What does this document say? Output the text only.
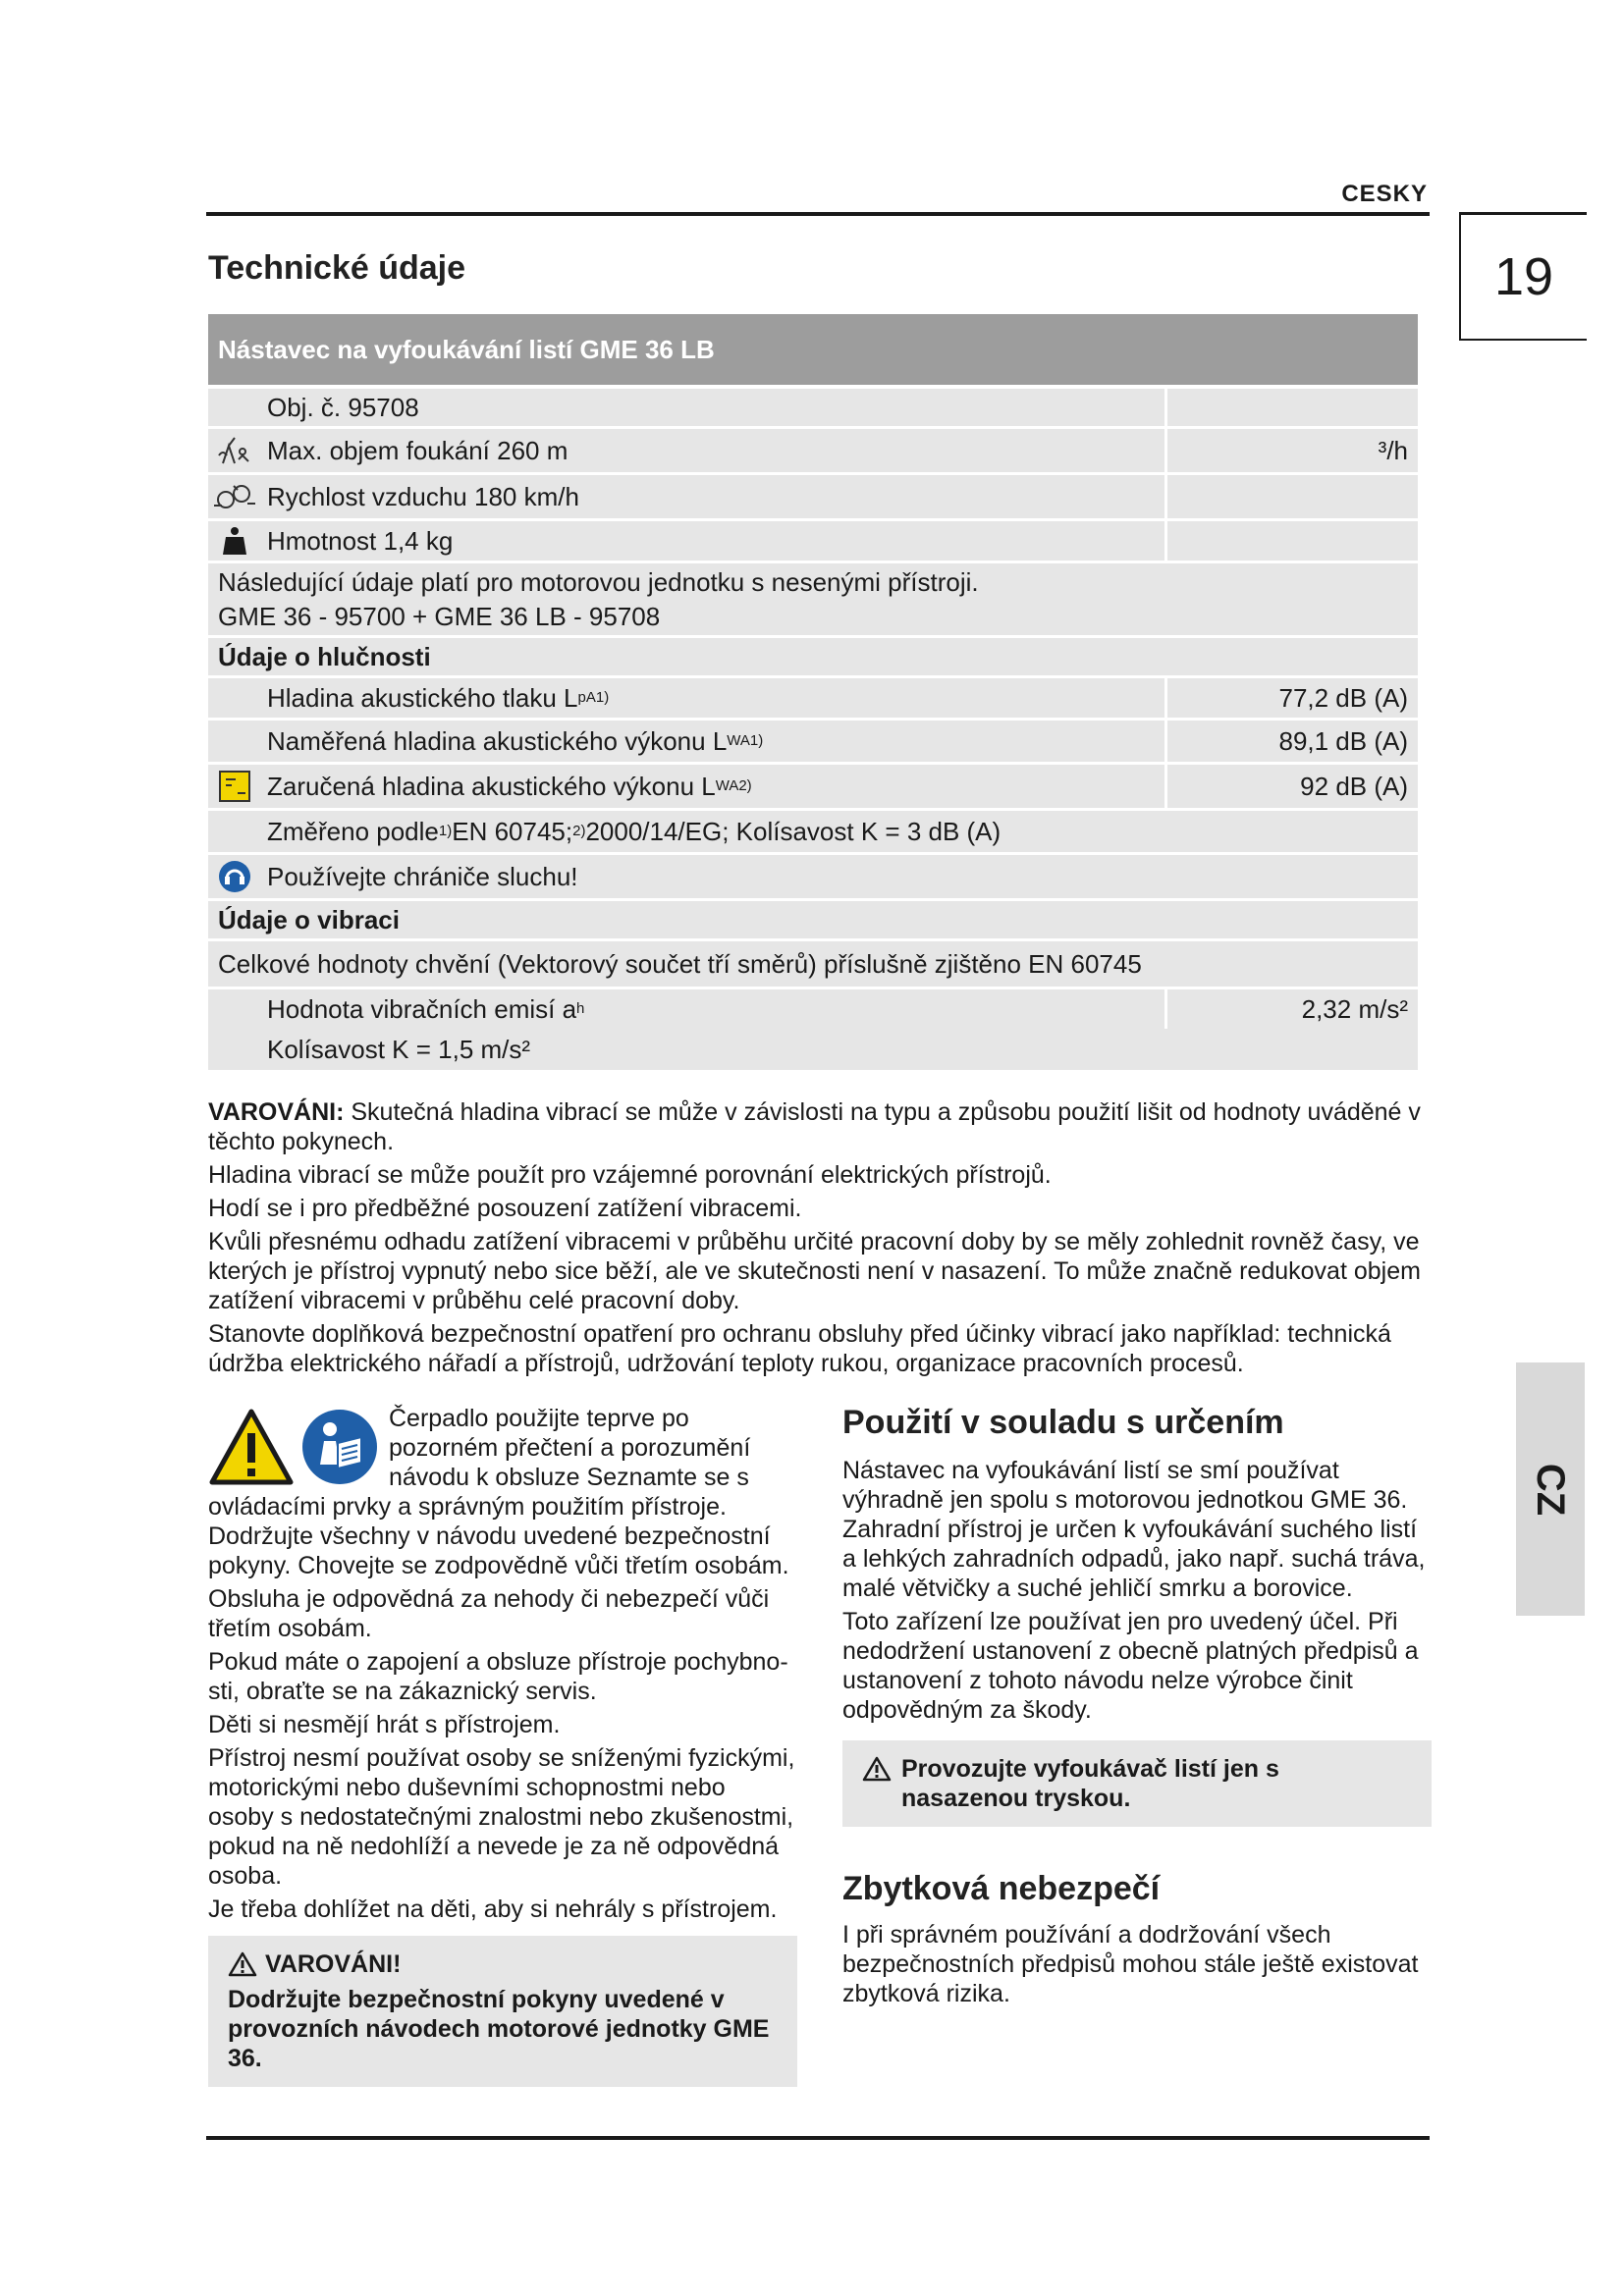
CESKY
19
CZ
Technické údaje
Nástavec na vyfoukávání listí GME 36 LB
Obj. č. 95708
Max. objem foukání 260 m	³/h
Rychlost vzduchu 180 km/h
Hmotnost 1,4 kg
Následující údaje platí pro motorovou jednotku s nesenými přístroji.
GME 36 - 95700 + GME 36 LB - 95708
Údaje o hlučnosti
Hladina akustického tlaku L pA 1)	77,2 dB (A)
Naměřená hladina akustického výkonu L WA 1)	89,1 dB (A)
Zaručená hladina akustického výkonu L WA 2)	92 dB (A)
Změřeno podle 1) EN 60745; 2) 2000/14/EG; Kolísavost K = 3 dB (A)
Používejte chrániče sluchu!
Údaje o vibraci
Celkové hodnoty chvění (Vektorový součet tří směrů) příslušně zjištěno EN 60745
Hodnota vibračních emisí a h	2,32 m/s²
Kolísavost K = 1,5 m/s²

VAROVÁNI: Skutečná hladina vibrací se může v závislosti na typu a způsobu použití lišit od hodnoty uváděné v těchto pokynech.

Hladina vibrací se může použít pro vzájemné porovnání elektrických přístrojů.

Hodí se i pro předběžné posouzení zatížení vibracemi.

Kvůli přesnému odhadu zatížení vibracemi v průběhu určité pracovní doby by se měly zohlednit rovněž časy, ve kterých je přístroj vypnutý nebo sice běží, ale ve skutečnosti není v nasazení. To může značně redukovat objem zatížení vibracemi v průběhu celé pracovní doby.

Stanovte doplňková bezpečnostní opatření pro ochranu obsluhy před účinky vibrací jako například: technická údržba elektrického nářadí a přístrojů, udržování teploty rukou, organizace pracovních procesů.

Čerpadlo použijte teprve po pozorném přečtení a porozumění návodu k obsluze Seznamte se s ovládacími prvky a správným použitím přístroje. Dodržujte všechny v návodu uvedené bezpečnostní pokyny. Chovejte se zodpovědně vůči třetím osobám.

Obsluha je odpovědná za nehody či nebezpečí vůči třetím osobám.

Pokud máte o zapojení a obsluze přístroje pochybnosti, obraťte se na zákaznický servis.

Děti si nesmějí hrát s přístrojem.

Přístroj nesmí používat osoby se sníženými fyzickými, motorickými nebo duševními schopnostmi nebo osoby s nedostatečnými znalostmi nebo zkušenostmi, pokud na ně nedohlíží a nevede je za ně odpovědná osoba.

Je třeba dohlížet na děti, aby si nehrály s přístrojem.

VAROVÁNI!
Dodržujte bezpečnostní pokyny uvedené v provozních návodech motorové jednotky GME 36.
Použití v souladu s určením

Nástavec na vyfoukávání listí se smí používat výhradně jen spolu s motorovou jednotkou GME 36. Zahradní přístroj je určen k vyfoukávání suchého listí a lehkých zahradních odpadů, jako např. suchá tráva, malé větvičky a suché jehličí smrku a borovice.

Toto zařízení lze používat jen pro uvedený účel. Při nedodržení ustanovení z obecně platných předpisů a ustanovení z tohoto návodu nelze výrobce činit odpovědným za škody.

Provozujte vyfoukávač listí jen s nasazenou tryskou.
Zbytková nebezpečí

I při správném používání a dodržování všech bezpečnostních předpisů mohou stále ještě existovat zbytková rizika.
